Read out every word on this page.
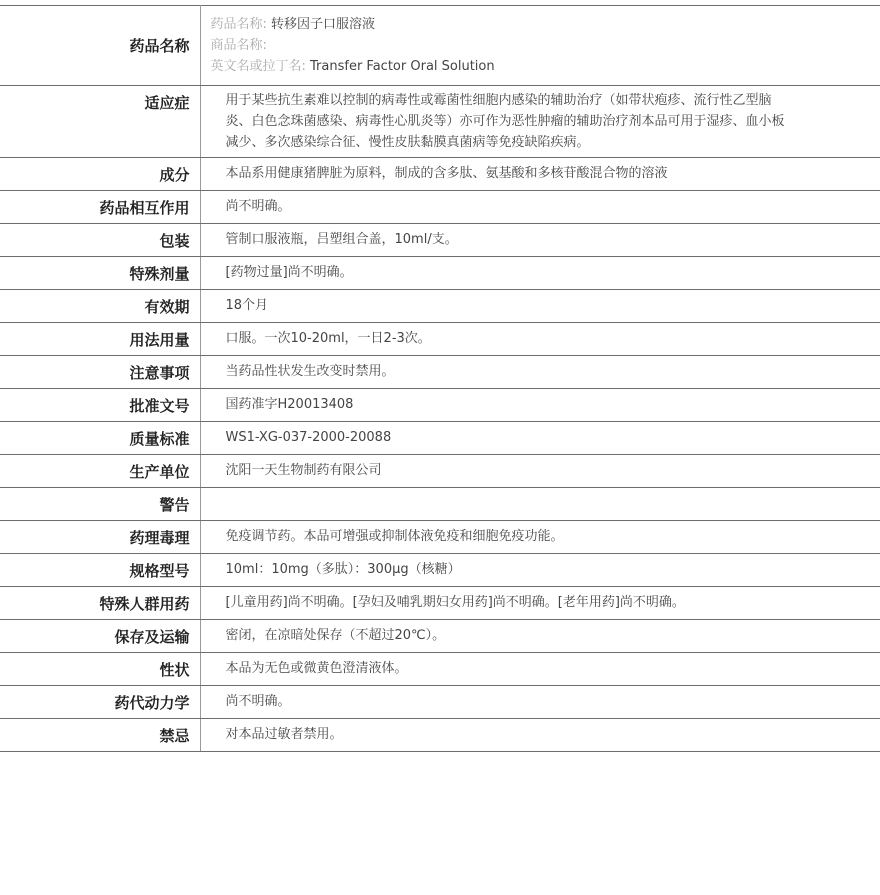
药品名称	药品名称: 转移因子口服溶液
商品名称:
英文名或拉丁名: Transfer Factor Oral Solution

适应症	用于某些抗生素难以控制的病毒性或霉菌性细胞内感染的辅助治疗（如带状疱疹、流行性乙型脑炎、白色念珠菌感染、病毒性心肌炎等）亦可作为恶性肿瘤的辅助治疗剂本品可用于湿疹、血小板减少、多次感染综合征、慢性皮肤黏膜真菌病等免疫缺陷疾病。
成分	本品系用健康猪脾脏为原料，制成的含多肽、氨基酸和多核苷酸混合物的溶液
药品相互作用	尚不明确。
包装	管制口服液瓶，吕塑组合盖，10ml/支。
特殊剂量	[药物过量]尚不明确。
有效期	18个月
用法用量	口服。一次10-20ml，一日2-3次。
注意事项	当药品性状发生改变时禁用。
批准文号	国药准字H20013408
质量标准	WS1-XG-037-2000-20088
生产单位	沈阳一天生物制药有限公司
警告	
药理毒理	免疫调节药。本品可增强或抑制体液免疫和细胞免疫功能。
规格型号	10ml：10mg（多肽）：300μg（核糖）
特殊人群用药	[儿童用药]尚不明确。[孕妇及哺乳期妇女用药]尚不明确。[老年用药]尚不明确。
保存及运输	密闭，在凉暗处保存（不超过20℃）。
性状	本品为无色或微黄色澄清液体。
药代动力学	尚不明确。
禁忌	对本品过敏者禁用。
